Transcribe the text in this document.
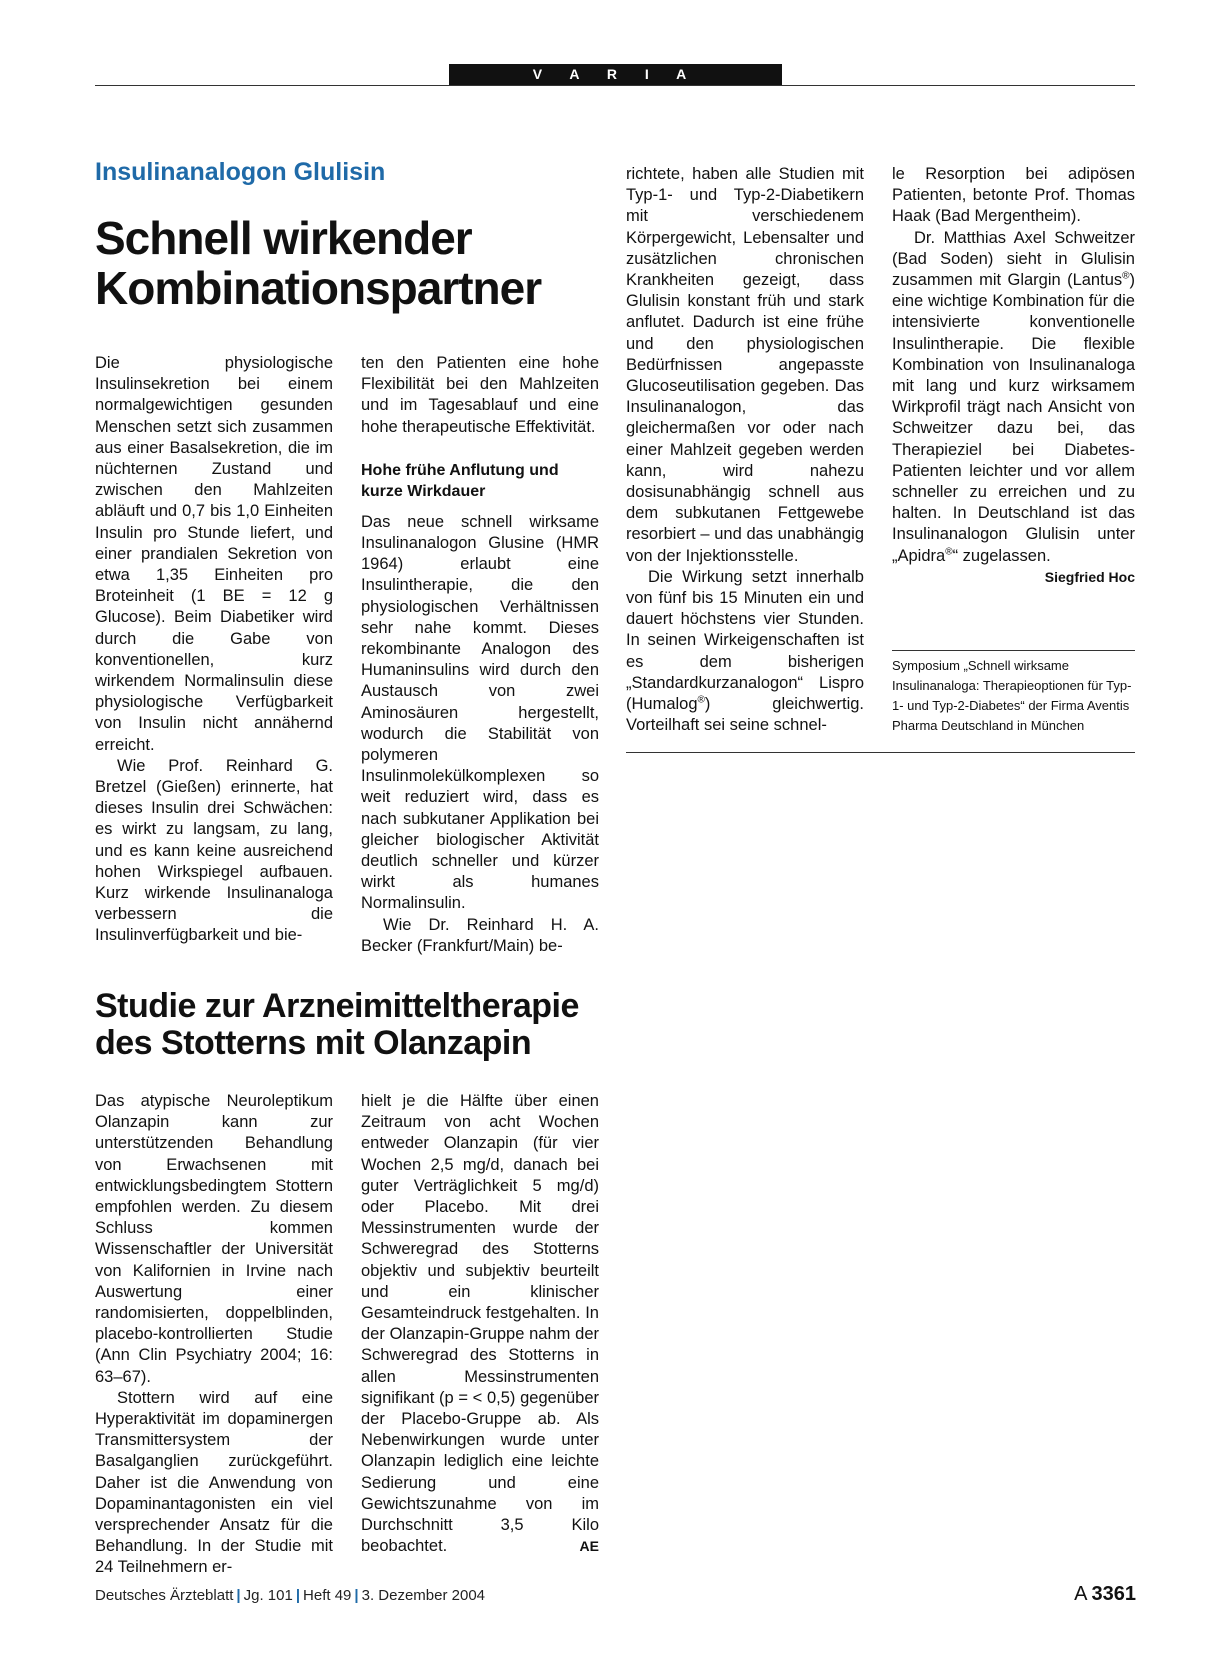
V A R I A
Insulinanalogon Glulisin
Schnell wirkender
Kombinationspartner

Die physiologische Insulinsekretion bei einem normalgewichtigen gesunden Menschen setzt sich zusammen aus einer Basalsekretion, die im nüchternen Zustand und zwischen den Mahlzeiten abläuft und 0,7 bis 1,0 Einheiten Insulin pro Stunde liefert, und einer prandialen Sekretion von etwa 1,35 Einheiten pro Broteinheit (1 BE = 12 g Glucose). Beim Diabetiker wird durch die Gabe von konventionellen, kurz wirkendem Normalinsulin diese physiologische Verfügbarkeit von Insulin nicht annähernd erreicht.

Wie Prof. Reinhard G. Bretzel (Gießen) erinnerte, hat dieses Insulin drei Schwächen: es wirkt zu langsam, zu lang, und es kann keine ausreichend hohen Wirkspiegel aufbauen. Kurz wirkende Insulinanaloga verbessern die Insulinverfügbarkeit und bie-

ten den Patienten eine hohe Flexibilität bei den Mahlzeiten und im Tagesablauf und eine hohe therapeutische Effektivität.

Hohe frühe Anflutung und
kurze Wirkdauer

Das neue schnell wirksame Insulinanalogon Glusine (HMR 1964) erlaubt eine Insulintherapie, die den physiologischen Verhältnissen sehr nahe kommt. Dieses rekombinante Analogon des Humaninsulins wird durch den Austausch von zwei Aminosäuren hergestellt, wodurch die Stabilität von polymeren Insulinmolekülkomplexen so weit reduziert wird, dass es nach subkutaner Applikation bei gleicher biologischer Aktivität deutlich schneller und kürzer wirkt als humanes Normalinsulin.

Wie Dr. Reinhard H. A. Becker (Frankfurt/Main) be-

richtete, haben alle Studien mit Typ-1- und Typ-2-Diabetikern mit verschiedenem Körpergewicht, Lebensalter und zusätzlichen chronischen Krankheiten gezeigt, dass Glulisin konstant früh und stark anflutet. Dadurch ist eine frühe und den physiologischen Bedürfnissen angepasste Glucoseutilisation gegeben. Das Insulinanalogon, das gleichermaßen vor oder nach einer Mahlzeit gegeben werden kann, wird nahezu dosisunabhängig schnell aus dem subkutanen Fettgewebe resorbiert – und das unabhängig von der Injektionsstelle.

Die Wirkung setzt innerhalb von fünf bis 15 Minuten ein und dauert höchstens vier Stunden. In seinen Wirkeigenschaften ist es dem bisherigen „Standardkurzanalogon“ Lispro (Humalog®) gleichwertig. Vorteilhaft sei seine schnel-

le Resorption bei adipösen Patienten, betonte Prof. Thomas Haak (Bad Mergentheim).

Dr. Matthias Axel Schweitzer (Bad Soden) sieht in Glulisin zusammen mit Glargin (Lantus®) eine wichtige Kombination für die intensivierte konventionelle Insulintherapie. Die flexible Kombination von Insulinanaloga mit lang und kurz wirksamem Wirkprofil trägt nach Ansicht von Schweitzer dazu bei, das Therapieziel bei Diabetes-Patienten leichter und vor allem schneller zu erreichen und zu halten. In Deutschland ist das Insulinanalogon Glulisin unter „Apidra®“ zugelassen.
Siegfried Hoc

Symposium „Schnell wirksame Insulinanaloga: Therapieoptionen für Typ-1- und Typ-2-Diabetes“ der Firma Aventis Pharma Deutschland in München
Studie zur Arzneimitteltherapie
des Stotterns mit Olanzapin

Das atypische Neuroleptikum Olanzapin kann zur unterstützenden Behandlung von Erwachsenen mit entwicklungsbedingtem Stottern empfohlen werden. Zu diesem Schluss kommen Wissenschaftler der Universität von Kalifornien in Irvine nach Auswertung einer randomisierten, doppelblinden, placebo-kontrollierten Studie (Ann Clin Psychiatry 2004; 16: 63–67).

Stottern wird auf eine Hyperaktivität im dopaminergen Transmittersystem der Basalganglien zurückgeführt. Daher ist die Anwendung von Dopaminantagonisten ein viel versprechender Ansatz für die Behandlung. In der Studie mit 24 Teilnehmern er-

hielt je die Hälfte über einen Zeitraum von acht Wochen entweder Olanzapin (für vier Wochen 2,5 mg/d, danach bei guter Verträglichkeit 5 mg/d) oder Placebo. Mit drei Messinstrumenten wurde der Schweregrad des Stotterns objektiv und subjektiv beurteilt und ein klinischer Gesamteindruck festgehalten. In der Olanzapin-Gruppe nahm der Schweregrad des Stotterns in allen Messinstrumenten signifikant (p = < 0,5) gegenüber der Placebo-Gruppe ab. Als Nebenwirkungen wurde unter Olanzapin lediglich eine leichte Sedierung und eine Gewichtszunahme von im Durchschnitt 3,5 Kilo beobachtet.	AE

Deutsches Ärzteblatt | Jg. 101 | Heft 49 | 3. Dezember 2004	A  3361
